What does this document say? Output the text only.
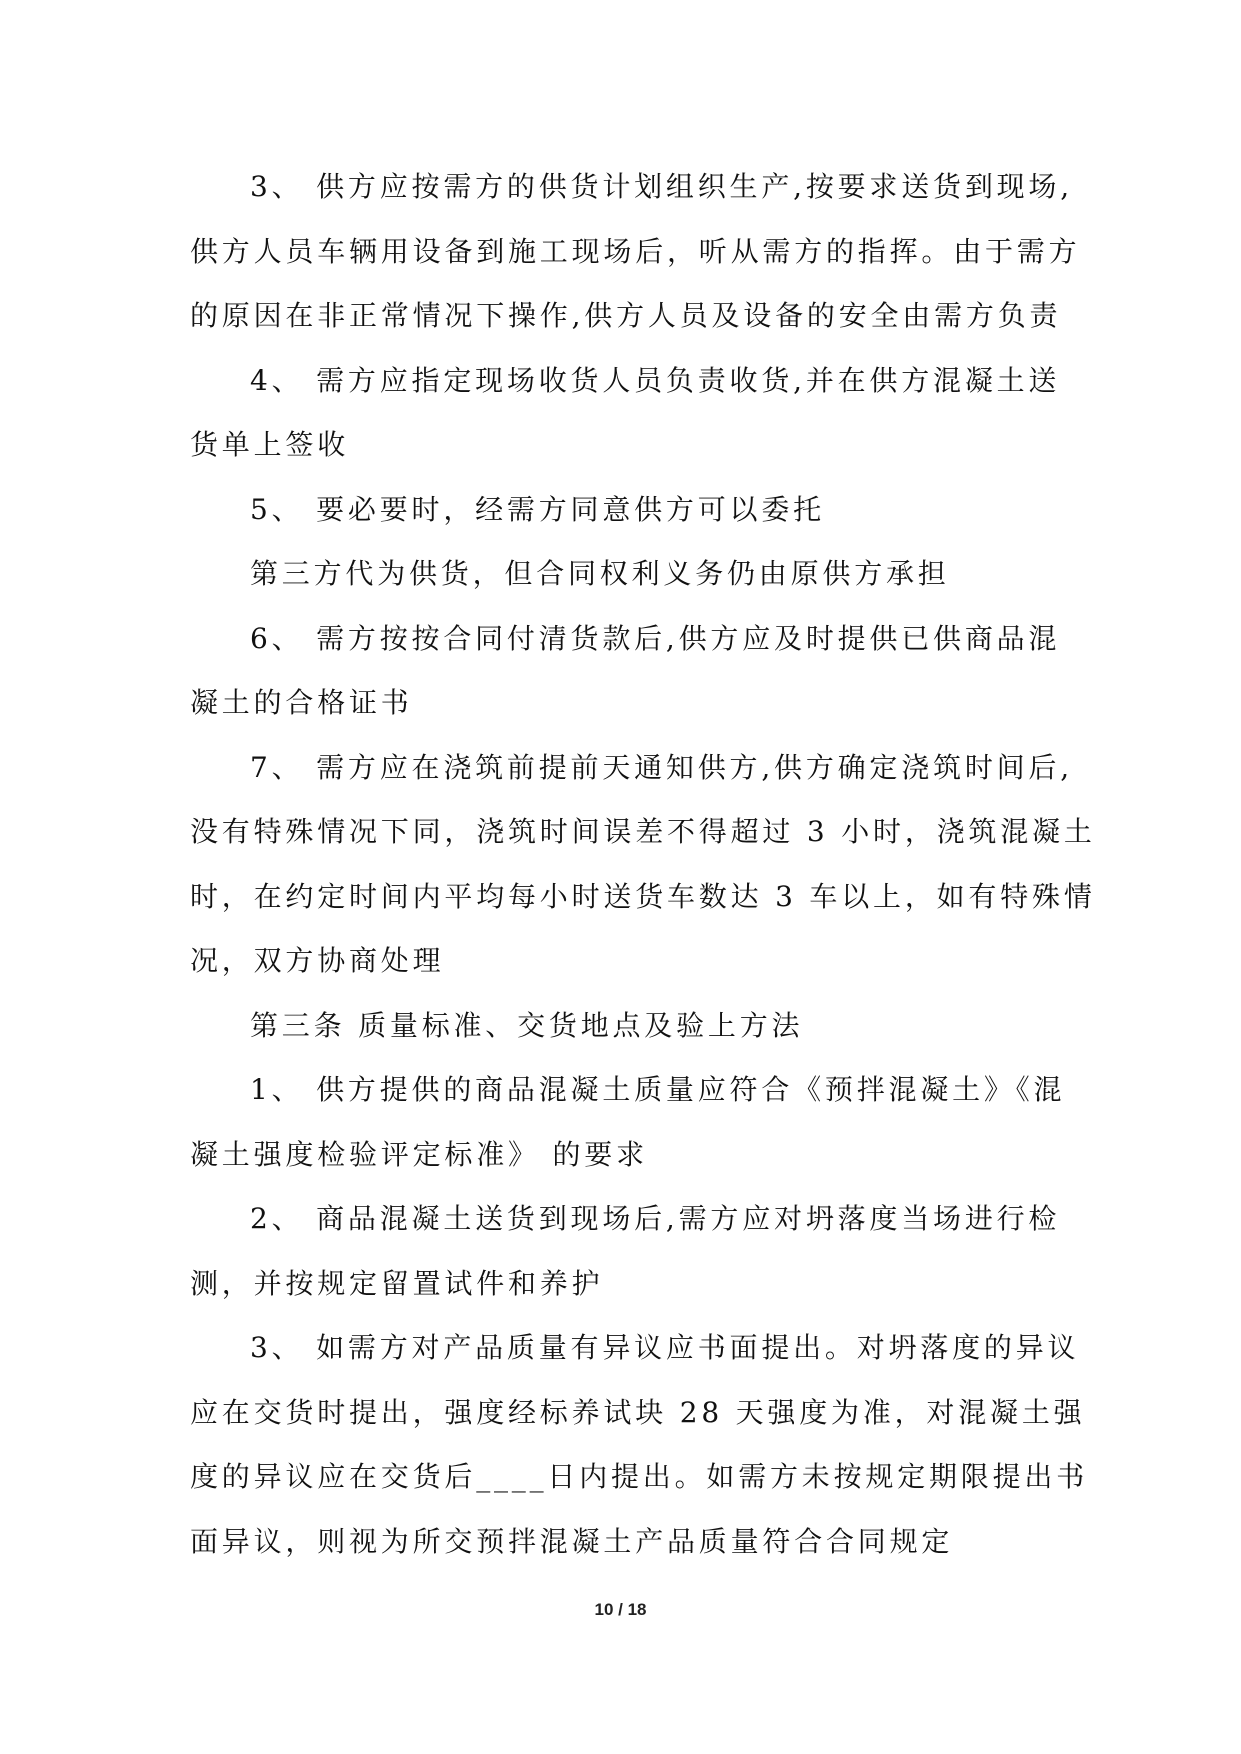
3、 供方应按需方的供货计划组织生产,按要求送货到现场,
供方人员车辆用设备到施工现场后，听从需方的指挥。由于需方
的原因在非正常情况下操作,供方人员及设备的安全由需方负责

4、 需方应指定现场收货人员负责收货,并在供方混凝土送
货单上签收

5、 要必要时，经需方同意供方可以委托

第三方代为供货，但合同权利义务仍由原供方承担

6、 需方按按合同付清货款后,供方应及时提供已供商品混
凝土的合格证书

7、 需方应在浇筑前提前天通知供方,供方确定浇筑时间后,
没有特殊情况下同，浇筑时间误差不得超过 3 小时，浇筑混凝土
时，在约定时间内平均每小时送货车数达 3 车以上，如有特殊情
况，双方协商处理

第三条 质量标准、交货地点及验上方法

1、 供方提供的商品混凝土质量应符合《预拌混凝土》《混
凝土强度检验评定标准》 的要求

2、 商品混凝土送货到现场后,需方应对坍落度当场进行检
测，并按规定留置试件和养护

3、 如需方对产品质量有异议应书面提出。对坍落度的异议
应在交货时提出，强度经标养试块 28 天强度为准，对混凝土强
度的异议应在交货后____日内提出。如需方未按规定期限提出书
面异议，则视为所交预拌混凝土产品质量符合合同规定

10 / 18
